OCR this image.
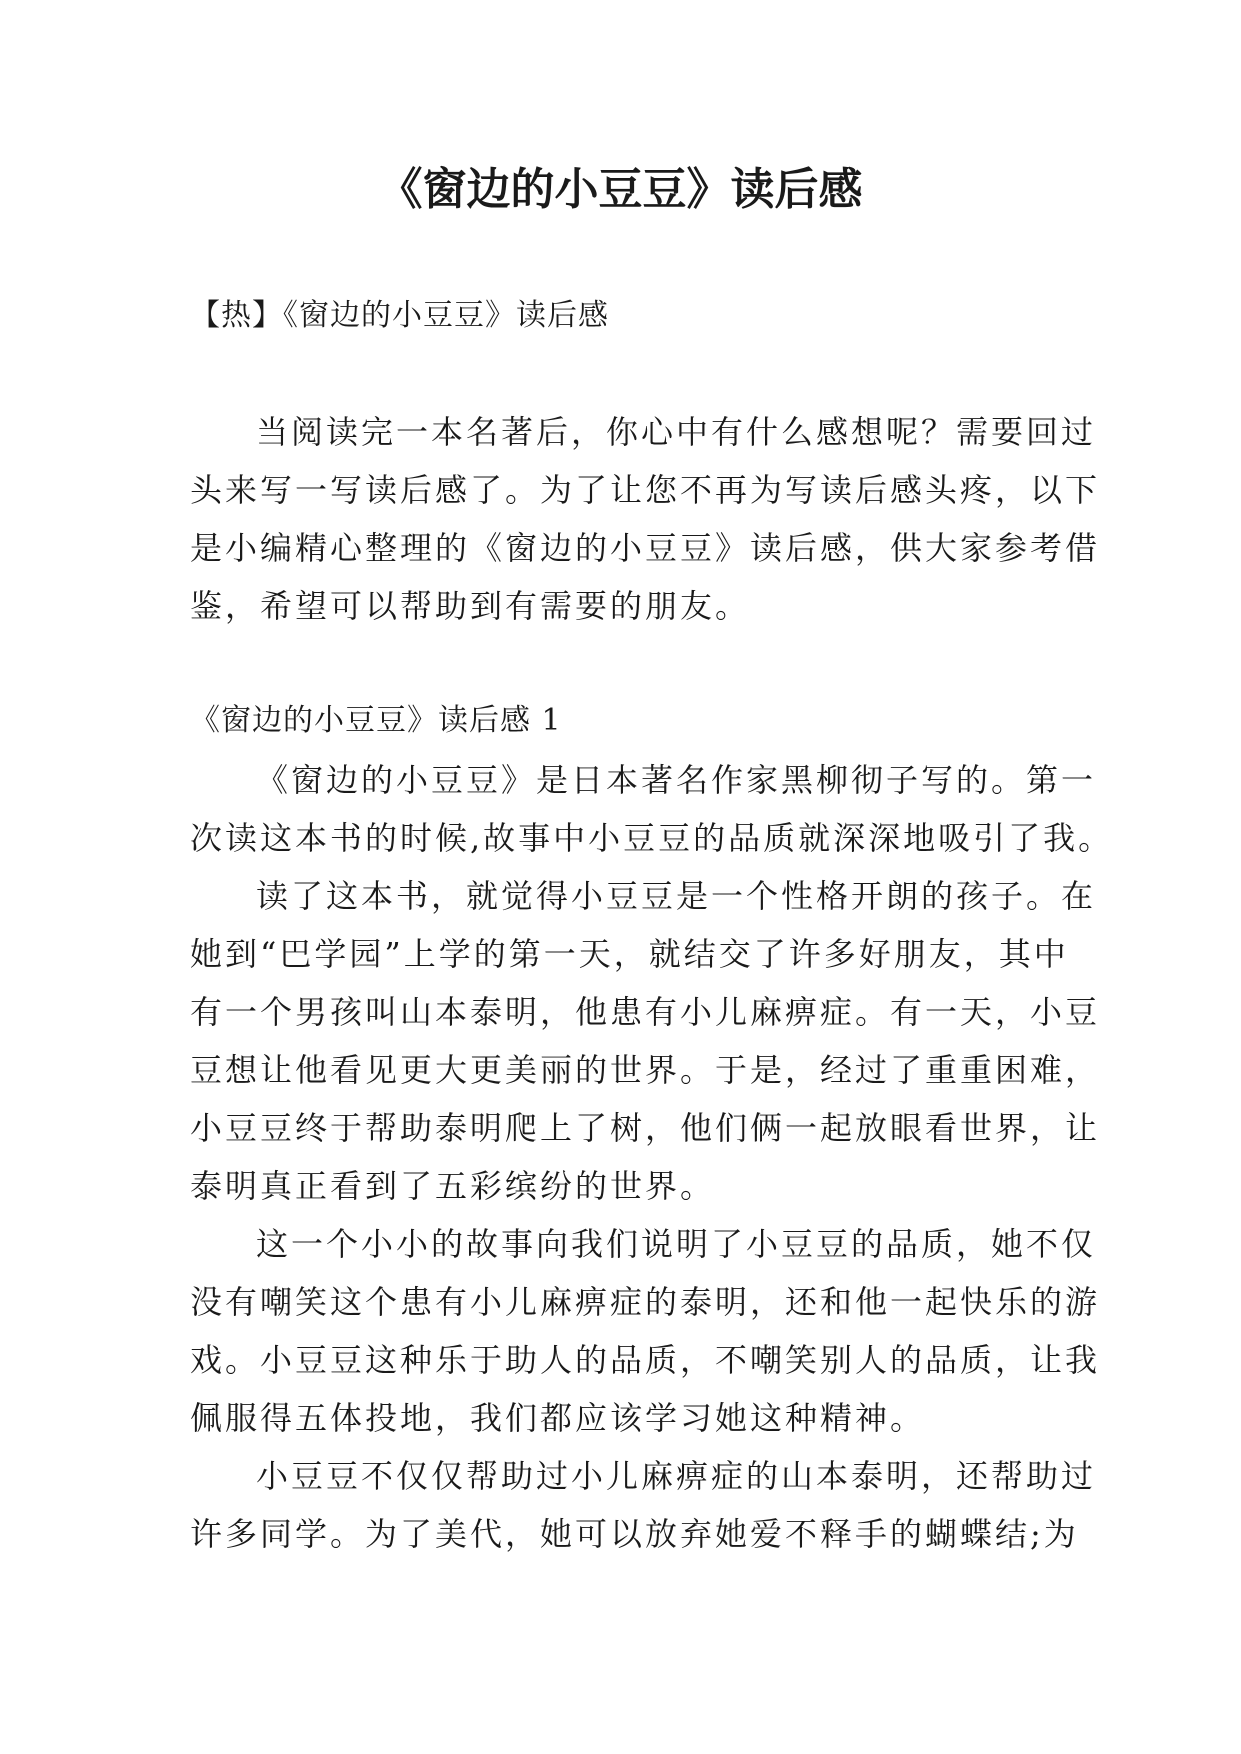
《窗边的小豆豆》读后感
【热】《窗边的小豆豆》读后感
当阅读完一本名著后，你心中有什么感想呢？需要回过
头来写一写读后感了。为了让您不再为写读后感头疼，以下
是小编精心整理的《窗边的小豆豆》读后感，供大家参考借
鉴，希望可以帮助到有需要的朋友。
《窗边的小豆豆》读后感 1
《窗边的小豆豆》是日本著名作家黑柳彻子写的。第一
次读这本书的时候,故事中小豆豆的品质就深深地吸引了我。
读了这本书，就觉得小豆豆是一个性格开朗的孩子。在
她到“巴学园”上学的第一天，就结交了许多好朋友，其中
有一个男孩叫山本泰明，他患有小儿麻痹症。有一天，小豆
豆想让他看见更大更美丽的世界。于是，经过了重重困难，
小豆豆终于帮助泰明爬上了树，他们俩一起放眼看世界，让
泰明真正看到了五彩缤纷的世界。
这一个小小的故事向我们说明了小豆豆的品质，她不仅
没有嘲笑这个患有小儿麻痹症的泰明，还和他一起快乐的游
戏。小豆豆这种乐于助人的品质，不嘲笑别人的品质，让我
佩服得五体投地，我们都应该学习她这种精神。
小豆豆不仅仅帮助过小儿麻痹症的山本泰明，还帮助过
许多同学。为了美代，她可以放弃她爱不释手的蝴蝶结;为
